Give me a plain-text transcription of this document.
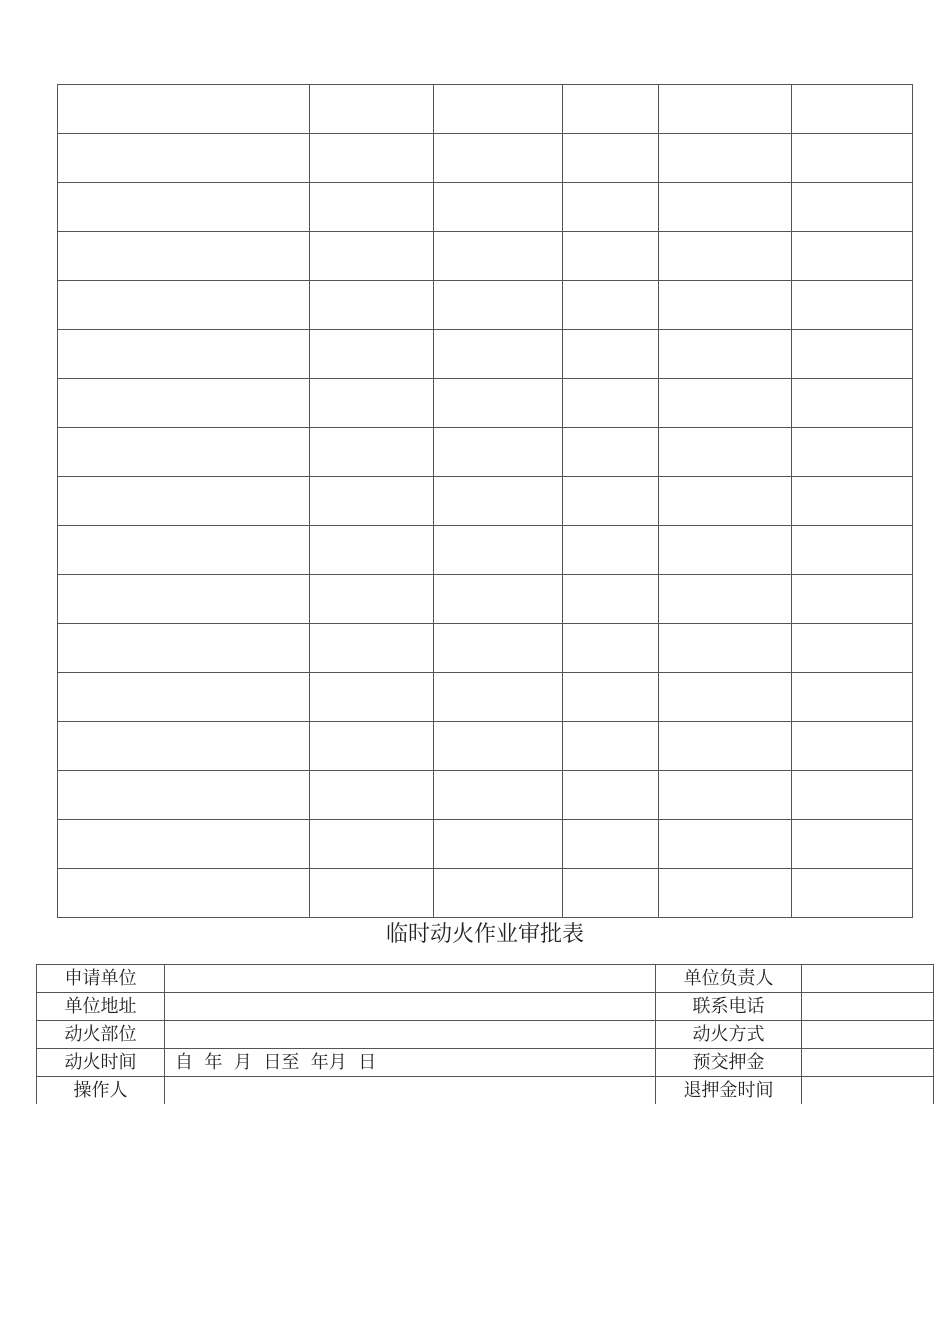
临时动火作业审批表
申请单位		单位负责人	
单位地址		联系电话	
动火部位		动火方式	
动火时间	自  年  月  日至  年月  日	预交押金	
操作人		退押金时间	
